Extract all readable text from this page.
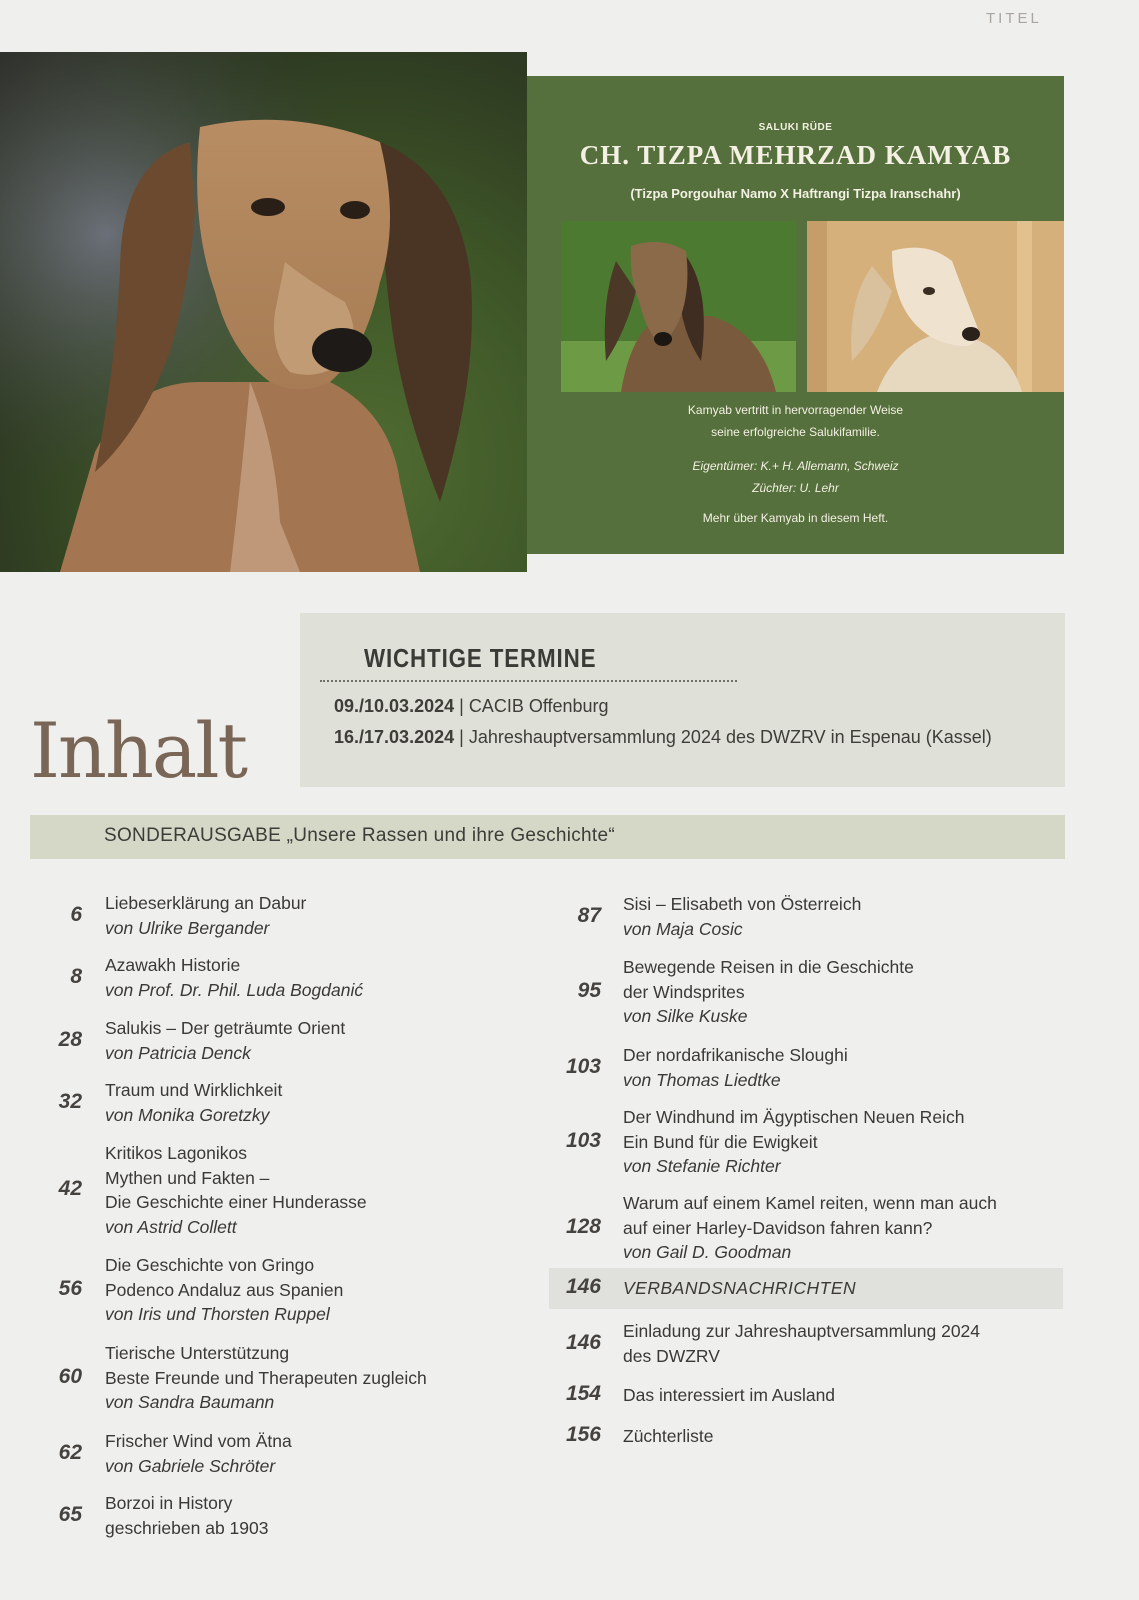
TITEL
SALUKI RÜDE
CH. TIZPA MEHRZAD KAMYAB
(Tizpa Porgouhar Namo X Haftrangi Tizpa Iranschahr)
Kamyab vertritt in hervorragender Weise
seine erfolgreiche Salukifamilie.
Eigentümer: K.+ H. Allemann, Schweiz
Züchter: U. Lehr
Mehr über Kamyab in diesem Heft.
WICHTIGE TERMINE
09./10.03.2024 | CACIB Offenburg
16./17.03.2024 | Jahreshauptversammlung 2024 des DWZRV in Espenau (Kassel)
Inhalt
SONDERAUSGABE „Unsere Rassen und ihre Geschichte“
6 Liebeserklärung an Dabur
von Ulrike Bergander
8 Azawakh Historie
von Prof. Dr. Phil. Luda Bogdanić
28 Salukis – Der geträumte Orient
von Patricia Denck
32 Traum und Wirklichkeit
von Monika Goretzky
42
Kritikos Lagonikos
Mythen und Fakten –
Die Geschichte einer Hunderasse
von Astrid Collett
56
Die Geschichte von Gringo
Podenco Andaluz aus Spanien
von Iris und Thorsten Ruppel
60
Tierische Unterstützung
Beste Freunde und Therapeuten zugleich
von Sandra Baumann
62 Frischer Wind vom Ätna
von Gabriele Schröter
65 Borzoi in History
geschrieben ab 1903
87 Sisi – Elisabeth von Österreich
von Maja Cosic
95
Bewegende Reisen in die Geschichte
der Windsprites
von Silke Kuske
103 Der nordafrikanische Sloughi
von Thomas Liedtke
103
Der Windhund im Ägyptischen Neuen Reich
Ein Bund für die Ewigkeit
von Stefanie Richter
128
Warum auf einem Kamel reiten, wenn man auch
auf einer Harley-Davidson fahren kann?
von Gail D. Goodman
146 VERBANDSNACHRICHTEN
146 Einladung zur Jahreshauptversammlung 2024
des DWZRV
154 Das interessiert im Ausland
156 Züchterliste
